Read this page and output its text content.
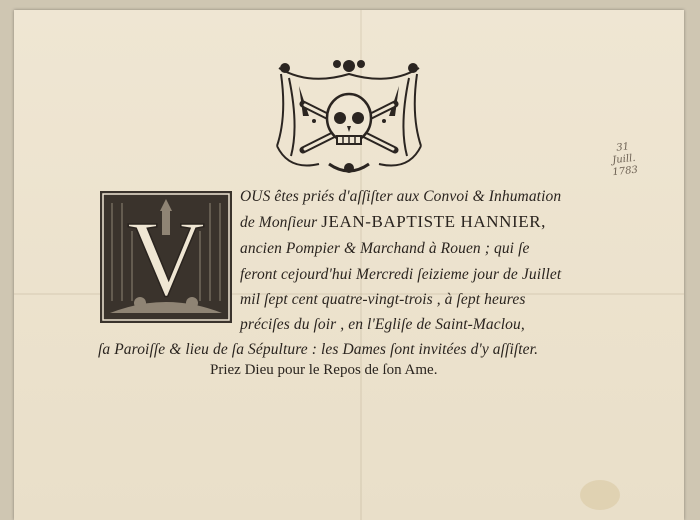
31
Juill.
1783
V
OUS êtes priés d'aſſiſter aux Convoi & Inhumation
de Monſieur JEAN-BAPTISTE HANNIER,
ancien Pompier & Marchand à Rouen ; qui ſe
feront cejourd'hui Mercredi ſeizieme jour de Juillet
mil ſept cent quatre-vingt-trois , à ſept heures
préciſes du ſoir , en l'Egliſe de Saint-Maclou,
ſa Paroiſſe & lieu de ſa Sépulture : les Dames ſont invitées d'y aſſiſter.
Priez Dieu pour le Repos de ſon Ame.
